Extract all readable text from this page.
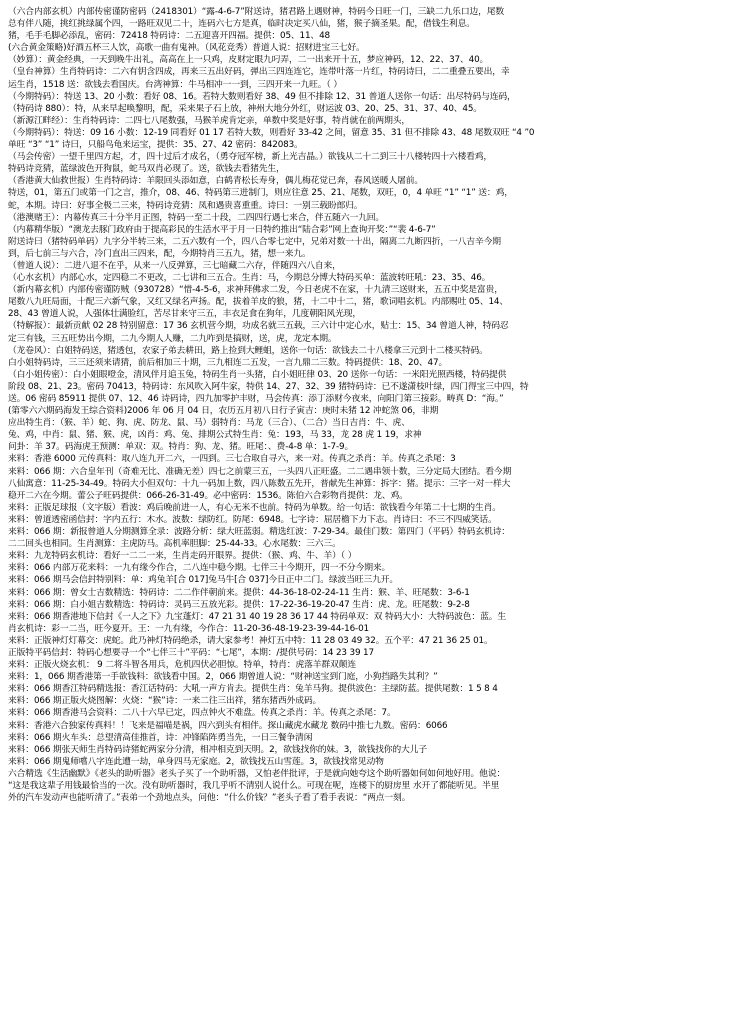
（六合内部玄机）内部传密谨防密码（2418301）“露-4-6-7”附送诗，猪君路上遇财神，特码今日旺一门，三缺二九乐口边，尾数
总有伴八随，挑红挑绿属个四，一路旺双见二十，连码六七方是真，临时决定买八仙，猪，猴子摘圣果。配，借钱生利息。
猪，毛手毛脚必添乱，密码：72418 特码诗：二五迎喜开四福。提供：05、11、48
(六合黄金策略)好酒五杯三人饮，高歌一曲有鬼神。（风花竞秀）普道人说：招财进宝三七好。
（妙算）：黄金经典，一天到晚牛出礼，高高在上一只鸡，皮财定眼九叼弄，二一出来开十五，梦应神码，12、22、37、40。
（皇台神算）生肖特码诗：二六有钥含四成，再来三五出好码，弹出三四连连它，连带叶落一片红，特码诗曰，二二重叠五要出，幸
运生肖，1518 送：欲钱去看国庆。台湾神算：牛马相冲一一到，三四开来一九旺。（ ）
（今期特码）：特送 13、20 小数：看好 08、16。若特大数则看好 38、49 但不排除 12、31 普道人送你一句话：出尽特码与连码，
（特码诗 880）：特，从来早起唤黎明，配，采来果子石上放，神州大地分外红，财运波 03、20、25、31、37、40、45。
（新源江畔经）：生肖特码诗：二四七八尾数强，马猴羊虎肯定亲，单数中奖是好事，特肖就在前两期头，
（今期特码）：特送：09 16 小数：12-19 同看好 01 17 若特大数，则看好 33-42 之间，留意 35、31 但不排除 43、48 尾数双旺 “4 ”0
单旺 “3” “1” 诗曰，只船鸟龟来运宝，提供：35、27、42 密码：842083。
（马会传密）一望千里四方起，才，四十过后才成名，（勇夺冠军榜，新上光吉晶。）欲钱从二十二到三十八楼转四十六楼看鸡，
特码诗竞猜，蓝绿波色开狗鼠，蛇马双肖必现了。送，欲钱去看猪先生，
（香港黄大仙救世报）生肖特码诗：羊限回头添如意，白鹤青松长寿身，偶儿梅花觉已奔，春风送暖人屠前。
特送，01，第五门或第一门之言，推介，08、46、特码第三进制门，则应往意 25、21、尾数，双旺，0，4 单旺 “1” “1” 送：鸡，
蛇，本期。诗曰：好事全极二三来，特码诗竞猜：凤和遇贵喜重重。诗曰：一别三载盼郎归。
（港澳赌王）：内幕传真三十分半月正图，特码一至二十段，二四四行遇七来合，伴五随六一九回。
（内幕精华版）“澳龙去豚门政府由于提高彩民的生活水平于月一日特约推出“陆合彩”网上查询开奖：”“裴 4-6-7”
附送诗曰（猪特码单码）九字分半转三来，二五六数有一个，四八合零七定中，兄弟对数一十出，隔离二九断四折，一八吉辛今期
到，后七前三与六合，冷门直出三四来，配，今期特肖三五九，猪，想一来九。
（曾道人说）：二进八退不在乎，从来一八反弹算，三七暗藏二六存，伴随四六八自来，
（心水玄机）内部心水，定四稳二不更改，二七讲和三五合。生肖：马，今期总分博大特码买单：蓝波转旺吼：23、35、46。
（新内幕玄机）内部传密谨防贼（930728）“惜-4-5-6，求神拜佛求二发，今日老虎不在家，十九清三送财来，五五中奖是富贵，
尾数八九旺局面，十配三六新气象，又红又绿名声扬。配，拔着羊皮的狼，猪，十二中十二，猪，歌词唱玄机。内部赐吐 05、14、
28、43 曾道人说，人强体壮满脸红，苦尽甘来守三五，丰衣足食在狗年，几度朝阳风光现，
（特解报）：最新贡献 02 28 特别留意：17 36 玄机营今期，功成名就三五载，三六计中定心水，贴士：15、34 曾道人神，特码忍
定三有钱，三五旺势出今期，二九今期人人赚，二九咋到是搞财，送，虎，龙定本期。
（龙卷风）：白姐特码送，猪透包，农家子弟去耕田，路上捡到大鲤蛆，送你一句话：欲钱去二十八楼拿三元到十二楼买特码。
白小姐特码诗，三三还须来请猜，前后相加三十期，三九相连二五发，一言九鼎二三数。特码提供：18、20、47。
（白小姐传密）：白小姐眼噔金，清风伴月追玉兔，特码生肖一头猪，白小姐旺律 03、20 送你一句话：一米阳光照西楼，特码提供
阶段 08、21、23。密码 70413，特码诗：东风吹入阿牛家，特供 14、27、32、39 猪特码诗：已不遂潇枝叶绿，四门得宝三中四，特
送。06 密码 85911 提供 07、12、46 诗码诗，四九加零护丰财，马会传真：添丁添财今夜来，向阳门第三接彩。畴真 D：“海。”
(第零六六期码海发王综合资料)2006 年 06 月 04 日，农历五月初八日行子寅吉：庚时未猪 12 冲蛇煞 06，非期
应出特生肖：（猴、羊）蛇、狗、虎、防龙、鼠、马）弱特肖：马龙（三合）、（二合）当日吉肖：牛、虎、
兔、鸡，中肖：鼠、猪、猴、虎，凶肖：鸡、兔、排期公式特生肖：兔：193，马 33，龙 28 虎 1 19，求神
问卦：羊 37。码海虎王预测：单双：双。特肖：狗、龙、猪。旺尾：、费-4-8 单：1-7-9。
来料：香港 6000 元传真料：取八连九开二六，一四到。三七合取自寻六，来一对。传真之杀肖：羊。传真之杀尾：3
来料：066 期：六合皇年刊（奇难无比、准确无差）四七之前蒙三五，一头四八正旺盛。二二遇串领十数，三分定局大团结。看今期
八仙寓意：11-25-34-49。特码大小但双句：十九一码加上数，四八陈数五先开，普献先生神算：拆字：猪。提示：三字一对一样大
稳开二六在今期。蕾公子旺码提供：066-26-31-49。必中密码：1536。陈伯六合彩物肖提供：龙、鸡。
来料：正版足球报（文字版）看波：鸡后晚前进一人，有心无米不也前。特码为单数。给一句话：欲钱看今年第二十七期的生肖。
来料：曾道透密函信封：字内五行：木水。波数：绿防红。防尾：6948。七字诗：屈居檐下力下志。肖诗曰：不三不四威笑话。
来料：066 期：新报曾道人分期测算全录：波路分析：绿大旺蓝弱。精选红波：7-29-34。最佳门数：第四门（平码）特码玄机诗：
二二回头也相同。生肖测算：主虎防马。高机率胆脚：25-44-33。心水尾数：三六三。
来料：九龙特码玄机诗：看好一二二一来，生肖走码开眼界。提供：（猴、鸡、牛、羊）（ ）
来料：066 内部万花来料：一九有缘今作合，二八连中稳今期。七伴三十今期开，四一不分今期来。
来料：066 期马会信封特别料：单：鸡兔羊[合 017]兔马牛[合 037]今日正中二门。绿波当旺三九开。
来料：066 期：曾女士吉数精选：特码诗：二二作伴朝前来。提供：44-36-18-02-24-11 生肖：猴、羊、旺尾数：3-6-1
来料：066 期：白小姐吉数精选：特码诗：灵码三五放光彩。提供：17-22-36-19-20-47 生肖：虎、龙。旺尾数：9-2-8
来料：066 期香港地下信封《一人之下》九宝蓬灯：47 21 31 40 19 28 36 17 44 特码单双：双 特码大小：大特码波色：蓝。生
肖玄机诗：彩一二当，旺今夏开。王：一九有缘，今作合：11-20-36-48-19-23-39-44-16-01
来料：正版神灯灯幕交：虎蛇。此乃神灯特码绝杀，请大家参考！神灯五中特：11 28 03 49 32。五个平：47 21 36 25 01。
正版特平码信封：特码心想要寻一个“七伴三十”平码：“七尾”，本期：/提供号码：14 23 39 17
来料：正版火烧玄机： 9 二将斗智各用兵，危机四伏必胆惊。特单，特肖：虎落羊群双颠连
来料：1，066 期香港第一手欲钱料：欲钱看中国。2，066 期曾道人说：“财神送宝到门庭，小狗挡路失其利？”
来料：066 期香江特码精选报：香江话特码：大吼一声方肯去。提供生肖：兔羊马狗。提供波色：主绿防蓝。提供尾数：1 5 8 4
来料：066 期正版火烧图解：火烧：“猴”诗：一来二往三出祥，猪东猪西外成码。
来料：066 期香港马会资料：二八十六早已定，四点钟火不难盘。传真之杀肖：羊。传真之杀尾：7。
来料：香港六合独家传真料！！飞来是福喵是祸，四六到头有相伴。探山藏虎水藏龙 数码中推七九数。密码：6066
来料：066 期火车头：总望清高佳推首，诗：冲锋陷阵勇当先，一日三餐争清闲
来料：066 期张天师生肖特码诗猪蛇两家分分清，相冲相克到天明。2，欲钱找你的妹。3，欲钱找你的大儿子
来料：066 期鬼师嚐八字连此遭一劫，单身四马无家庭。2，欲钱找五山雪莲。3，欲钱找常见动物
六合精选《生活幽默》《老头的助听器》老头子买了一个助听器，又怕老伴批评，于是就向她夸这个助听器如何如何地好用。他说：
“这是我这辈子用钱最恰当的一次。没有助听器时，我几乎听不清别人说什么。可现在呢，连楼下的厨房里 水开了都能听见。半里
外的汽车发动声也能听清了。”表弟一个劲地点头，问他：“什么价钱？”老头子看了看手表说：“两点一刻。
